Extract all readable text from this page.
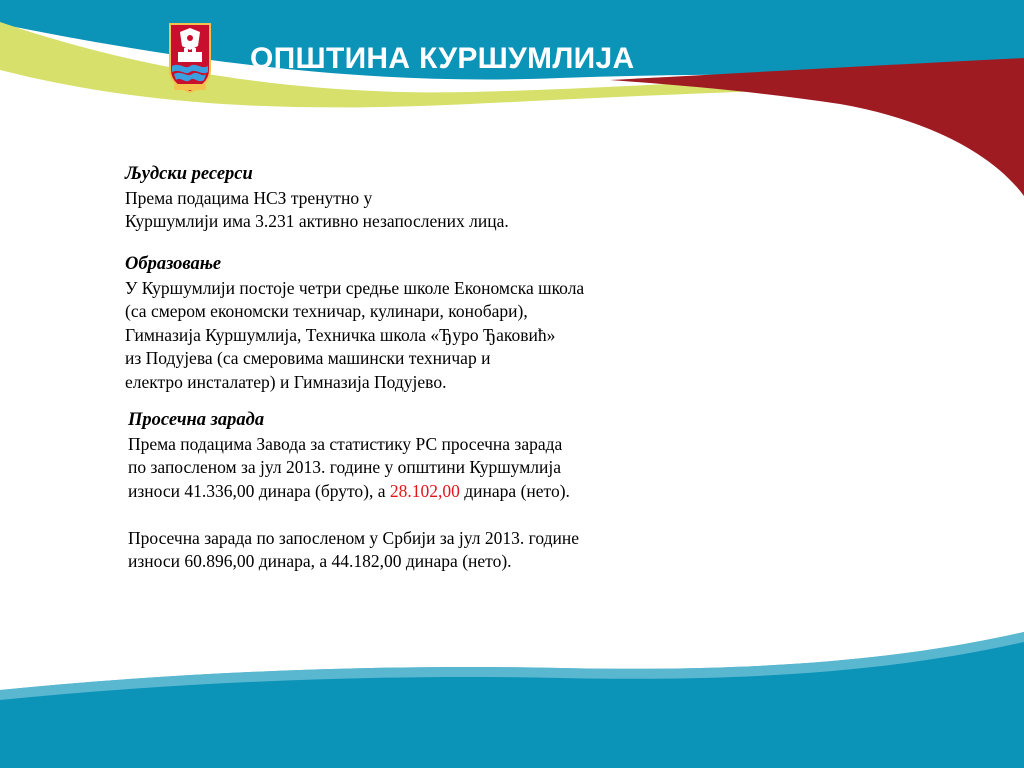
ОПШТИНА КУРШУМЛИЈА
Људски ресерси
Према подацима НСЗ тренутно у
Куршумлији има 3.231 активно незапослених лица.
Образовање
У Куршумлији постоје четри средње школе Економска школа
(са смером економски техничар, кулинари, конобари),
Гимназија Куршумлија, Техничка школа «Ђуро Ђаковић»
из Подујева (са смеровима машински техничар и
електро инсталатер) и Гимназија Подујево.
Просечна зарада
Према подацима Завода за статистику РС просечна зарада
по запосленом за јул 2013. године у општини Куршумлија
износи 41.336,00 динара (бруто), а 28.102,00 динара (нето).
Просечна зарада по запосленом у Србији за јул 2013. године
износи 60.896,00 динара, а 44.182,00 динара (нето).
